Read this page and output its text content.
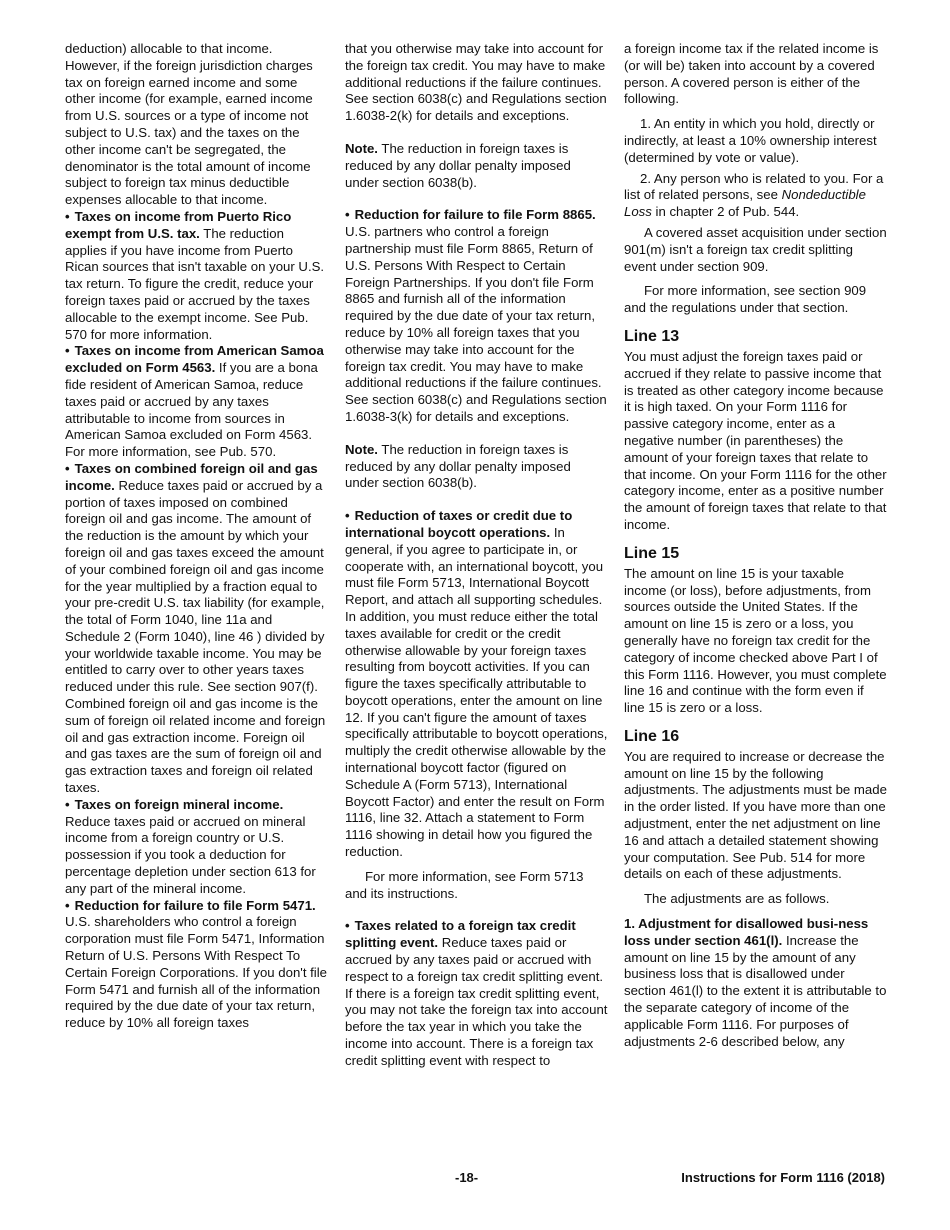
deduction) allocable to that income. However, if the foreign jurisdiction charges tax on foreign earned income and some other income (for example, earned income from U.S. sources or a type of income not subject to U.S. tax) and the taxes on the other income can't be segregated, the denominator is the total amount of income subject to foreign tax minus deductible expenses allocable to that income.

• Taxes on income from Puerto Rico exempt from U.S. tax. The reduction applies if you have income from Puerto Rican sources that isn't taxable on your U.S. tax return. To figure the credit, reduce your foreign taxes paid or accrued by the taxes allocable to the exempt income. See Pub. 570 for more information.

• Taxes on income from American Samoa excluded on Form 4563. If you are a bona fide resident of American Samoa, reduce taxes paid or accrued by any taxes attributable to income from sources in American Samoa excluded on Form 4563. For more information, see Pub. 570.

• Taxes on combined foreign oil and gas income. Reduce taxes paid or accrued by a portion of taxes imposed on combined foreign oil and gas income. The amount of the reduction is the amount by which your foreign oil and gas taxes exceed the amount of your combined foreign oil and gas income for the year multiplied by a fraction equal to your pre-credit U.S. tax liability (for example, the total of Form 1040, line 11a and Schedule 2 (Form 1040), line 46 ) divided by your worldwide taxable income. You may be entitled to carry over to other years taxes reduced under this rule. See section 907(f). Combined foreign oil and gas income is the sum of foreign oil related income and foreign oil and gas extraction income. Foreign oil and gas taxes are the sum of foreign oil and gas extraction taxes and foreign oil related taxes.

• Taxes on foreign mineral income. Reduce taxes paid or accrued on mineral income from a foreign country or U.S. possession if you took a deduction for percentage depletion under section 613 for any part of the mineral income.

• Reduction for failure to file Form 5471. U.S. shareholders who control a foreign corporation must file Form 5471, Information Return of U.S. Persons With Respect To Certain Foreign Corporations. If you don't file Form 5471 and furnish all of the information required by the due date of your tax return, reduce by 10% all foreign taxes

that you otherwise may take into account for the foreign tax credit. You may have to make additional reductions if the failure continues. See section 6038(c) and Regulations section 1.6038-2(k) for details and exceptions.

Note. The reduction in foreign taxes is reduced by any dollar penalty imposed under section 6038(b).

• Reduction for failure to file Form 8865. U.S. partners who control a foreign partnership must file Form 8865, Return of U.S. Persons With Respect to Certain Foreign Partnerships. If you don't file Form 8865 and furnish all of the information required by the due date of your tax return, reduce by 10% all foreign taxes that you otherwise may take into account for the foreign tax credit. You may have to make additional reductions if the failure continues. See section 6038(c) and Regulations section 1.6038-3(k) for details and exceptions.

Note. The reduction in foreign taxes is reduced by any dollar penalty imposed under section 6038(b).

• Reduction of taxes or credit due to international boycott operations. In general, if you agree to participate in, or cooperate with, an international boycott, you must file Form 5713, International Boycott Report, and attach all supporting schedules. In addition, you must reduce either the total taxes available for credit or the credit otherwise allowable by your foreign taxes resulting from boycott activities. If you can figure the taxes specifically attributable to boycott operations, enter the amount on line 12. If you can't figure the amount of taxes specifically attributable to boycott operations, multiply the credit otherwise allowable by the international boycott factor (figured on Schedule A (Form 5713), International Boycott Factor) and enter the result on Form 1116, line 32. Attach a statement to Form 1116 showing in detail how you figured the reduction.

For more information, see Form 5713 and its instructions.

• Taxes related to a foreign tax credit splitting event. Reduce taxes paid or accrued by any taxes paid or accrued with respect to a foreign tax credit splitting event. If there is a foreign tax credit splitting event, you may not take the foreign tax into account before the tax year in which you take the income into account. There is a foreign tax credit splitting event with respect to

a foreign income tax if the related income is (or will be) taken into account by a covered person. A covered person is either of the following.

1. An entity in which you hold, directly or indirectly, at least a 10% ownership interest (determined by vote or value).

2. Any person who is related to you. For a list of related persons, see Nondeductible Loss in chapter 2 of Pub. 544.

A covered asset acquisition under section 901(m) isn't a foreign tax credit splitting event under section 909.

For more information, see section 909 and the regulations under that section.

Line 13

You must adjust the foreign taxes paid or accrued if they relate to passive income that is treated as other category income because it is high taxed. On your Form 1116 for passive category income, enter as a negative number (in parentheses) the amount of your foreign taxes that relate to that income. On your Form 1116 for the other category income, enter as a positive number the amount of foreign taxes that relate to that income.

Line 15

The amount on line 15 is your taxable income (or loss), before adjustments, from sources outside the United States. If the amount on line 15 is zero or a loss, you generally have no foreign tax credit for the category of income checked above Part I of this Form 1116. However, you must complete line 16 and continue with the form even if line 15 is zero or a loss.

Line 16

You are required to increase or decrease the amount on line 15 by the following adjustments. The adjustments must be made in the order listed. If you have more than one adjustment, enter the net adjustment on line 16 and attach a detailed statement showing your computation. See Pub. 514 for more details on each of these adjustments.

The adjustments are as follows.

1. Adjustment for disallowed busi-ness loss under section 461(l). Increase the amount on line 15 by the amount of any business loss that is disallowed under section 461(l) to the extent it is attributable to the separate category of income of the applicable Form 1116. For purposes of adjustments 2-6 described below, any

-18-	Instructions for Form 1116 (2018)
